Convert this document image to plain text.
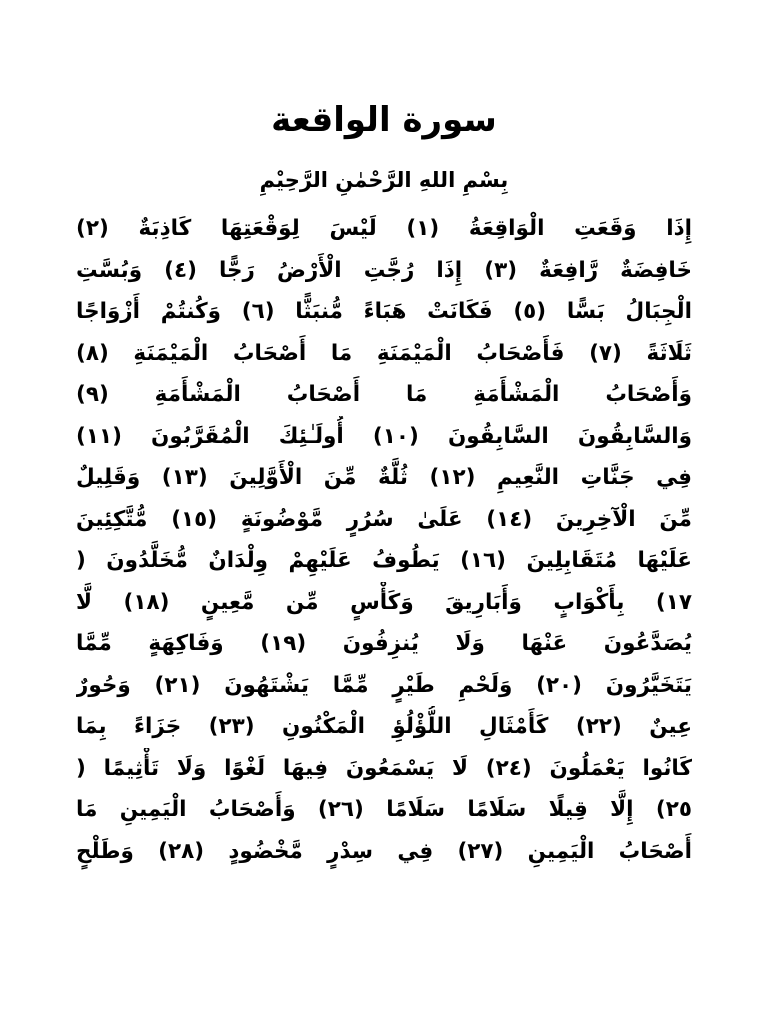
سورة الواقعة
بِسْمِ اللهِ الرَّحْمٰنِ الرَّحِيْمِ
إِذَا وَقَعَتِ الْوَاقِعَةُ (١) لَيْسَ لِوَقْعَتِهَا كَاذِبَةٌ (٢)
خَافِضَةٌ رَّافِعَةٌ (٣) إِذَا رُجَّتِ الْأَرْضُ رَجًّا (٤) وَبُسَّتِ
الْجِبَالُ بَسًّا (٥) فَكَانَتْ هَبَاءً مُّنبَثًّا (٦) وَكُنتُمْ أَزْوَاجًا
ثَلَاثَةً (٧) فَأَصْحَابُ الْمَيْمَنَةِ مَا أَصْحَابُ الْمَيْمَنَةِ (٨)
وَأَصْحَابُ الْمَشْأَمَةِ مَا أَصْحَابُ الْمَشْأَمَةِ (٩)
وَالسَّابِقُونَ السَّابِقُونَ (١٠) أُولَـٰئِكَ الْمُقَرَّبُونَ (١١)
فِي جَنَّاتِ النَّعِيمِ (١٢) ثُلَّةٌ مِّنَ الْأَوَّلِينَ (١٣) وَقَلِيلٌ
مِّنَ الْآخِرِينَ (١٤) عَلَىٰ سُرُرٍ مَّوْضُونَةٍ (١٥) مُّتَّكِئِينَ
عَلَيْهَا مُتَقَابِلِينَ (١٦) يَطُوفُ عَلَيْهِمْ وِلْدَانٌ مُّخَلَّدُونَ (
١٧) بِأَكْوَابٍ وَأَبَارِيقَ وَكَأْسٍ مِّن مَّعِينٍ (١٨) لَّا
يُصَدَّعُونَ عَنْهَا وَلَا يُنزِفُونَ (١٩) وَفَاكِهَةٍ مِّمَّا
يَتَخَيَّرُونَ (٢٠) وَلَحْمِ طَيْرٍ مِّمَّا يَشْتَهُونَ (٢١) وَحُورٌ
عِينٌ (٢٢) كَأَمْثَالِ اللُّؤْلُؤِ الْمَكْنُونِ (٢٣) جَزَاءً بِمَا
كَانُوا يَعْمَلُونَ (٢٤) لَا يَسْمَعُونَ فِيهَا لَغْوًا وَلَا تَأْثِيمًا (
٢٥) إِلَّا قِيلًا سَلَامًا سَلَامًا (٢٦) وَأَصْحَابُ الْيَمِينِ مَا
أَصْحَابُ الْيَمِينِ (٢٧) فِي سِدْرٍ مَّخْضُودٍ (٢٨) وَطَلْحٍ
